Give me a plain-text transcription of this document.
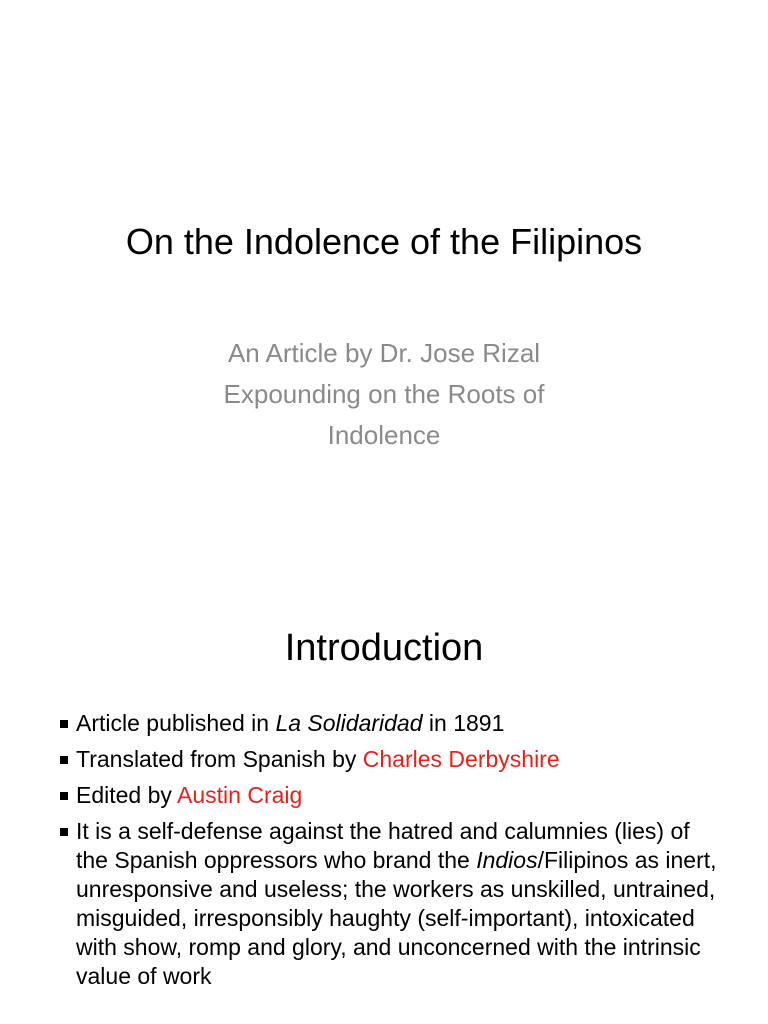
On the Indolence of the Filipinos
An Article by Dr. Jose Rizal
Expounding on the Roots of
Indolence
Introduction
Article published in La Solidaridad in 1891
Translated from Spanish by Charles Derbyshire
Edited by Austin Craig
It is a self-defense against the hatred and calumnies (lies) of the Spanish oppressors who brand the Indios/Filipinos as inert, unresponsive and useless; the workers as unskilled, untrained, misguided, irresponsibly haughty (self-important), intoxicated with show, romp and glory, and unconcerned with the intrinsic value of work
